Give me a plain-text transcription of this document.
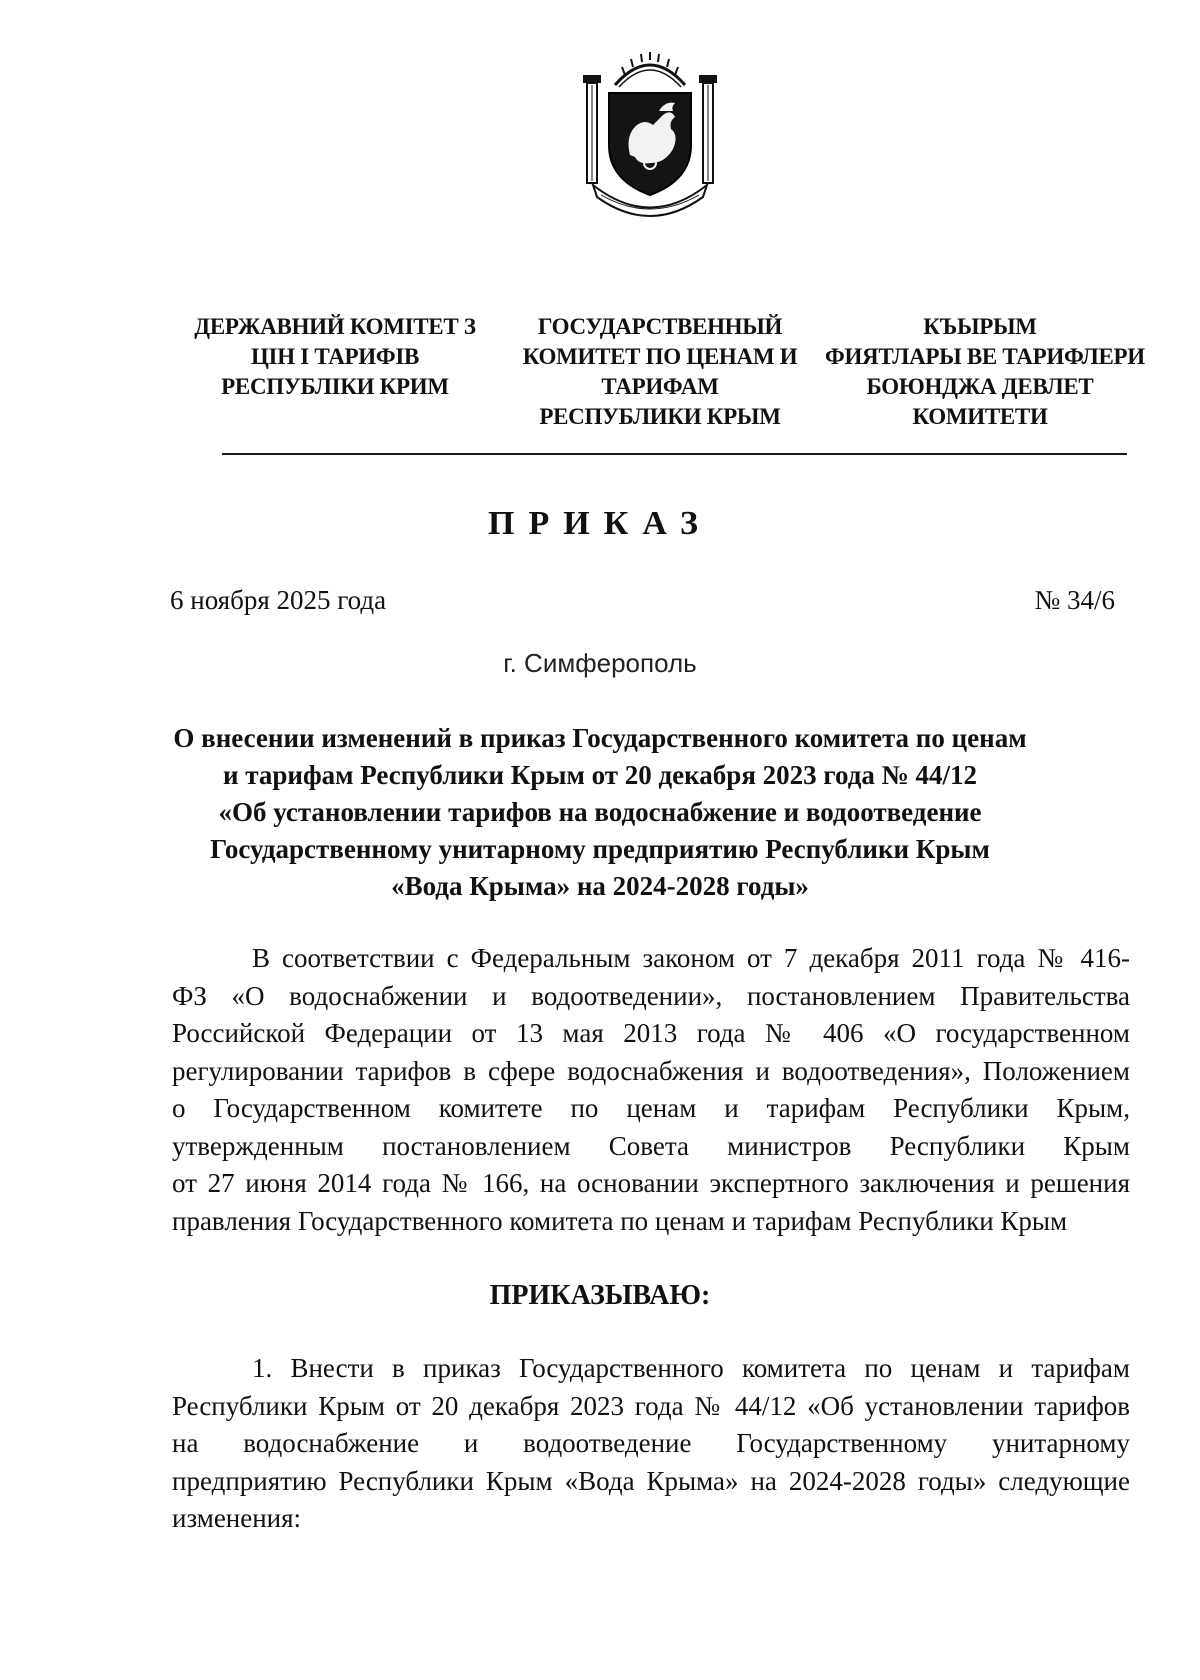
ДЕРЖАВНИЙ КОМІТЕТ З
ЦІН І ТАРИФІВ
РЕСПУБЛІКИ КРИМ
ГОСУДАРСТВЕННЫЙ
КОМИТЕТ ПО ЦЕНАМ И
ТАРИФАМ
РЕСПУБЛИКИ КРЫМ
КЪЫРЫМ
ФИЯТЛАРЫ ВЕ ТАРИФЛЕРИ
БОЮНДЖА ДЕВЛЕТ
КОМИТЕТИ
ПРИКАЗ
6 ноября 2025 года	№ 34/6
г. Симферополь
О внесении изменений в приказ Государственного комитета по ценам
и тарифам Республики Крым от 20 декабря 2023 года № 44/12
«Об установлении тарифов на водоснабжение и водоотведение
Государственному унитарному предприятию Республики Крым
«Вода Крыма» на 2024-2028 годы»
В соответствии с Федеральным законом от 7 декабря 2011 года № 416-
ФЗ «О водоснабжении и водоотведении», постановлением Правительства
Российской Федерации от 13 мая 2013 года № 406 «О государственном
регулировании тарифов в сфере водоснабжения и водоотведения», Положением
о Государственном комитете по ценам и тарифам Республики Крым,
утвержденным постановлением Совета министров Республики Крым
от 27 июня 2014 года № 166, на основании экспертного заключения и решения
правления Государственного комитета по ценам и тарифам Республики Крым
ПРИКАЗЫВАЮ:
1. Внести в приказ Государственного комитета по ценам и тарифам
Республики Крым от 20 декабря 2023 года № 44/12 «Об установлении тарифов
на водоснабжение и водоотведение Государственному унитарному
предприятию Республики Крым «Вода Крыма» на 2024-2028 годы» следующие
изменения:
